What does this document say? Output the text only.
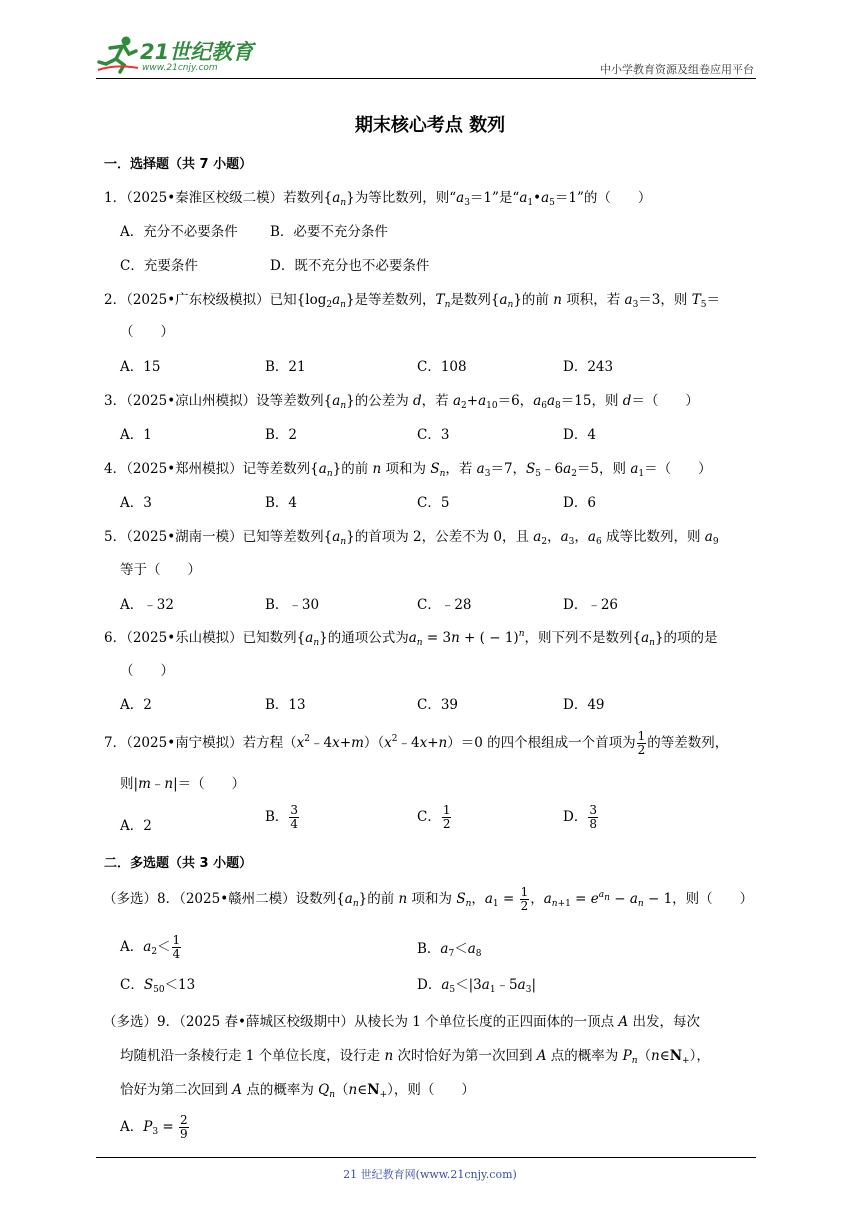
21世纪教育
www.21cnjy.com	中小学教育资源及组卷应用平台
期末核心考点 数列
一．选择题（共 7 小题）
1．（2025•秦淮区校级二模）若数列$\{a_n\}$为等比数列，则“$a_3=1$”是“$a_1•a_5=1$”的（　　）
A．充分不必要条件 B．必要不充分条件
C．充要条件	D．既不充分也不必要条件
2．（2025•广东校级模拟）已知$\{\log_2a_n\}$是等差数列，$T_n$是数列$\{a_n\}$的前 n 项积，若 $a_3=3$，则 $T_5=$
（　　）
A．15	B．21	C．108	D．243
3．（2025•凉山州模拟）设等差数列$\{a_n\}$的公差为 d，若 $a_2+a_{10}=6$，$a_6a_8=15$，则 d＝（　　）
A．1	B．2	C．3	D．4
4．（2025•郑州模拟）记等差数列$\{a_n\}$的前 n 项和为 $S_n$，若 $a_3=7$，$S_5﹣6a_2=5$，则 $a_1=$（　　）
A．3	B．4	C．5	D．6
5．（2025•湖南一模）已知等差数列$\{a_n\}$的首项为 2，公差不为 0，且 $a_2$，$a_3$，$a_6$ 成等比数列，则 $a_9$
等于（　　）
A．﹣32	B．﹣30	C．﹣28	D．﹣26
6．（2025•乐山模拟）已知数列$\{a_n\}$的通项公式为$a_n = 3n$ + ( − 1)$^n$，则下列不是数列$\{a_n\}$的项的是
（　　）
A．2	B．13	C．39	D．49
7．（2025•南宁模拟）若方程$(x^2﹣4x+m)(x^2﹣4x+n)=0$ 的四个根组成一个首项为 $\frac{1}{2}$ 的等差数列，
则|m﹣n|＝（　　）
A．2
B． $\frac{3}{4}$	C． $\frac{1}{2}$	D． $\frac{3}{8}$
二．多选题（共 3 小题）
（多选）8．（2025•赣州二模）设数列$\{a_n\}$的前 n 项和为 $S_n$，$a_1 = \frac{1}{2}$ ，$a_{n+1} = e^{a_n} - a_n - 1$，则（　　）
A．$a_2< \frac{1}{4}$	B．$a_7<a_8$
C．$S_{50}<13$	D．$a_5<|3a_1﹣5a_3|$
（多选）9．（2025 春•薛城区校级期中）从棱长为 1 个单位长度的正四面体的一顶点 A 出发，每次
均随机沿一条棱行走 1 个单位长度，设行走 n 次时恰好为第一次回到 A 点的概率为 $P_n(n\in N_+)$，
恰好为第二次回到 A 点的概率为 $Q_n(n\in N_+)$，则（　　）
A．$P_3 = \frac{2}{9}$
21 世纪教育网(www.21cnjy.com)
